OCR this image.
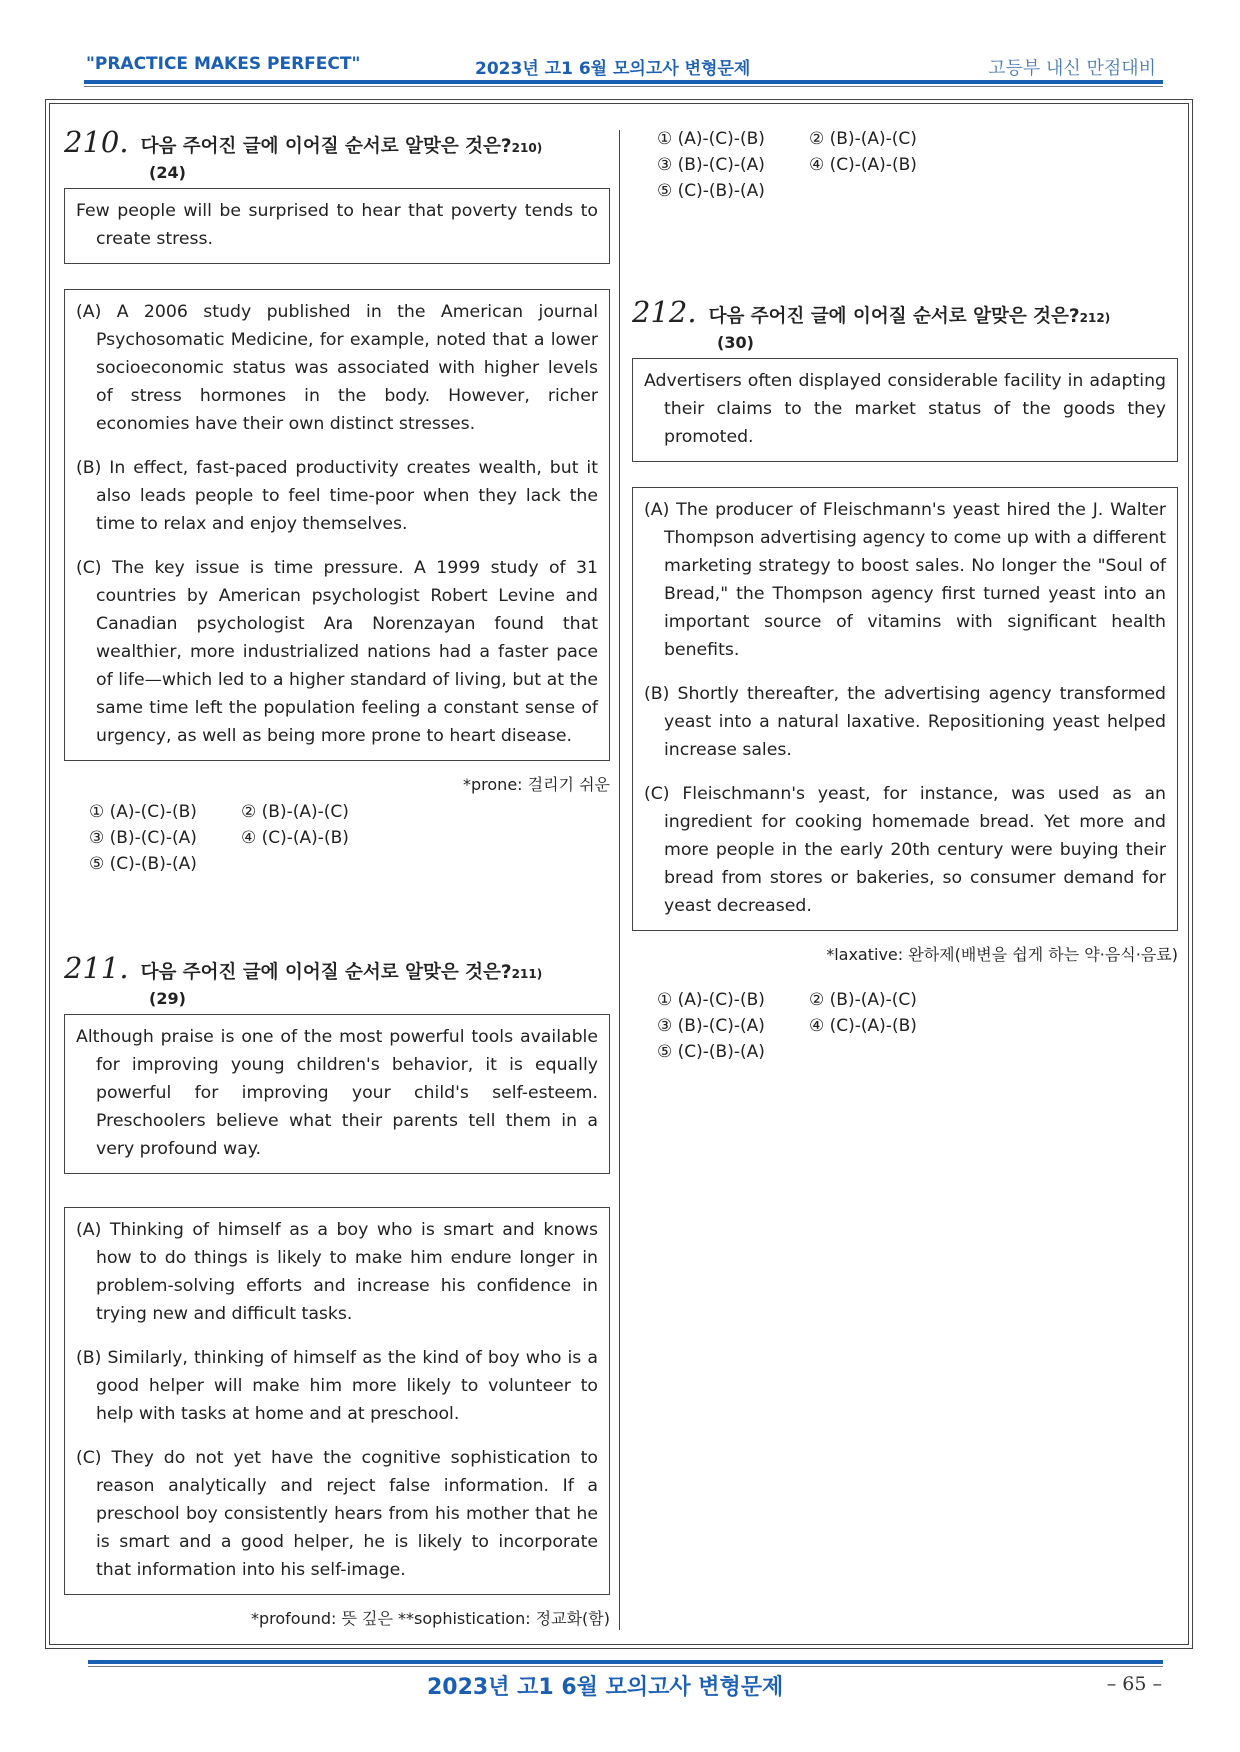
"PRACTICE MAKES PERFECT"	2023년 고1 6월 모의고사 변형문제	고등부 내신 만점대비
210. 다음 주어진 글에 이어질 순서로 알맞은 것은? 210)
(24)
Few people will be surprised to hear that poverty tends to create stress.

(A) A 2006 study published in the American journal Psychosomatic Medicine, for example, noted that a lower socioeconomic status was associated with higher levels of stress hormones in the body. However, richer economies have their own distinct stresses.

(B) In effect, fast-paced productivity creates wealth, but it also leads people to feel time-poor when they lack the time to relax and enjoy themselves.

(C) The key issue is time pressure. A 1999 study of 31 countries by American psychologist Robert Levine and Canadian psychologist Ara Norenzayan found that wealthier, more industrialized nations had a faster pace of life—which led to a higher standard of living, but at the same time left the population feeling a constant sense of urgency, as well as being more prone to heart disease.

*prone: 걸리기 쉬운
① (A)-(C)-(B)	② (B)-(A)-(C)
③ (B)-(C)-(A)	④ (C)-(A)-(B)
⑤ (C)-(B)-(A)
211. 다음 주어진 글에 이어질 순서로 알맞은 것은? 211)
(29)
Although praise is one of the most powerful tools available for improving young children's behavior, it is equally powerful for improving your child's self-esteem. Preschoolers believe what their parents tell them in a very profound way.

(A) Thinking of himself as a boy who is smart and knows how to do things is likely to make him endure longer in problem-solving efforts and increase his confidence in trying new and difficult tasks.

(B) Similarly, thinking of himself as the kind of boy who is a good helper will make him more likely to volunteer to help with tasks at home and at preschool.

(C) They do not yet have the cognitive sophistication to reason analytically and reject false information. If a preschool boy consistently hears from his mother that he is smart and a good helper, he is likely to incorporate that information into his self-image.

*profound: 뜻 깊은 **sophistication: 정교화(함)
① (A)-(C)-(B)	② (B)-(A)-(C)
③ (B)-(C)-(A)	④ (C)-(A)-(B)
⑤ (C)-(B)-(A)
212. 다음 주어진 글에 이어질 순서로 알맞은 것은? 212)
(30)
Advertisers often displayed considerable facility in adapting their claims to the market status of the goods they promoted.

(A) The producer of Fleischmann's yeast hired the J. Walter Thompson advertising agency to come up with a different marketing strategy to boost sales. No longer the "Soul of Bread," the Thompson agency first turned yeast into an important source of vitamins with significant health benefits.

(B) Shortly thereafter, the advertising agency transformed yeast into a natural laxative. Repositioning yeast helped increase sales.

(C) Fleischmann's yeast, for instance, was used as an ingredient for cooking homemade bread. Yet more and more people in the early 20th century were buying their bread from stores or bakeries, so consumer demand for yeast decreased.

*laxative: 완하제(배변을 쉽게 하는 약·음식·음료)
① (A)-(C)-(B)	② (B)-(A)-(C)
③ (B)-(C)-(A)	④ (C)-(A)-(B)
⑤ (C)-(B)-(A)
2023년 고1 6월 모의고사 변형문제	– 65 –
